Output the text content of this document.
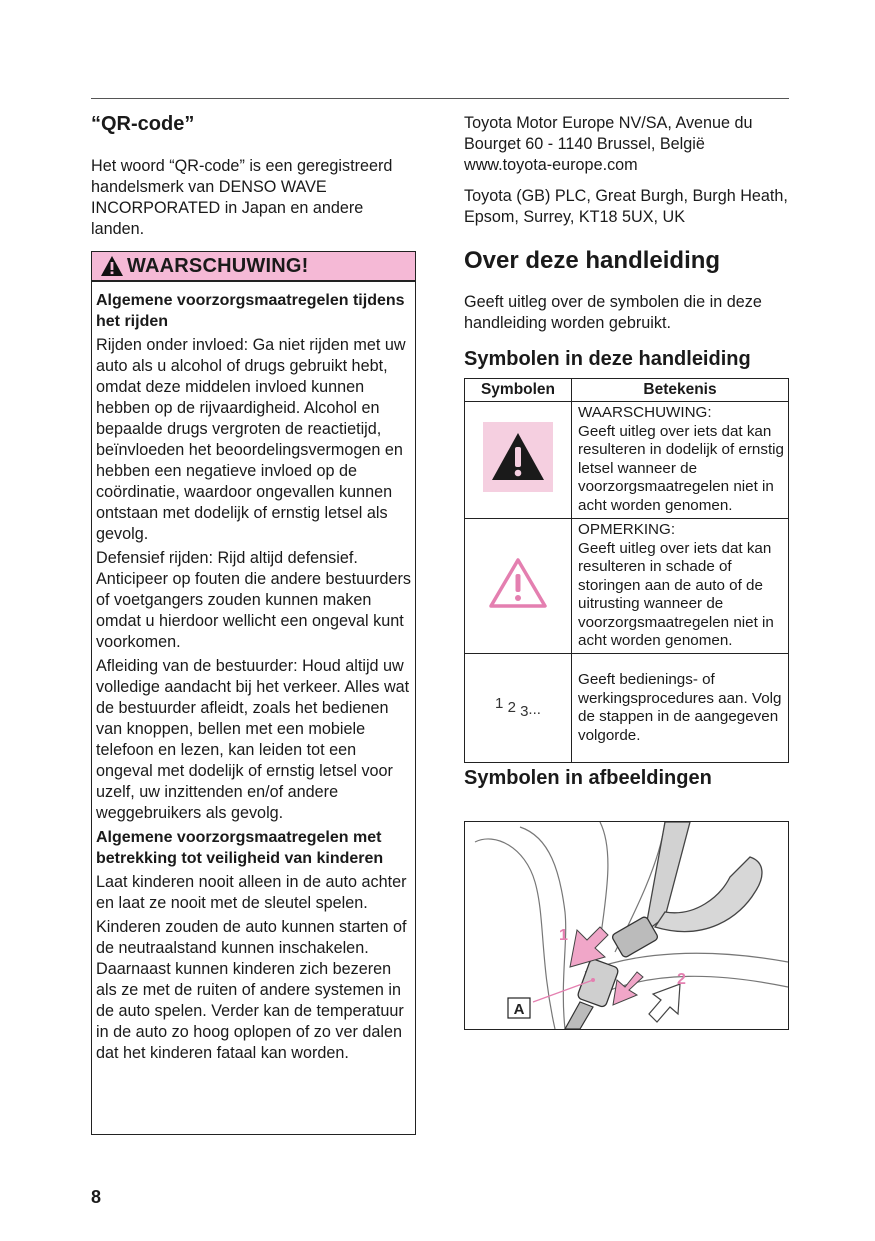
“QR-code”

Het woord “QR-code” is een geregistreerd handelsmerk van DENSO WAVE INCORPORATED in Japan en andere landen.

WAARSCHUWING!
Algemene voorzorgsmaatregelen tijdens het rijden

Rijden onder invloed: Ga niet rijden met uw auto als u alcohol of drugs gebruikt hebt, omdat deze middelen invloed kunnen hebben op de rijvaardigheid. Alcohol en bepaalde drugs vergroten de reactietijd, beïnvloeden het beoordelingsvermogen en hebben een negatieve invloed op de coördinatie, waardoor ongevallen kunnen ontstaan met dodelijk of ernstig letsel als gevolg.

Defensief rijden: Rijd altijd defensief. Anticipeer op fouten die andere bestuurders of voetgangers zouden kunnen maken omdat u hierdoor wellicht een ongeval kunt voorkomen.

Afleiding van de bestuurder: Houd altijd uw volledige aandacht bij het verkeer. Alles wat de bestuurder afleidt, zoals het bedienen van knoppen, bellen met een mobiele telefoon en lezen, kan leiden tot een ongeval met dodelijk of ernstig letsel voor uzelf, uw inzittenden en/of andere weggebruikers als gevolg.

Algemene voorzorgsmaatregelen met betrekking tot veiligheid van kinderen

Laat kinderen nooit alleen in de auto achter en laat ze nooit met de sleutel spelen.

Kinderen zouden de auto kunnen starten of de neutraalstand kunnen inschakelen. Daarnaast kunnen kinderen zich bezeren als ze met de ruiten of andere systemen in de auto spelen. Verder kan de temperatuur in de auto zo hoog oplopen of zo ver dalen dat het kinderen fataal kan worden.

Toyota Motor Europe NV/SA, Avenue du Bourget 60 - 1140 Brussel, België www.toyota-europe.com

Toyota (GB) PLC, Great Burgh, Burgh Heath, Epsom, Surrey, KT18 5UX, UK

Over deze handleiding

Geeft uitleg over de symbolen die in deze handleiding worden gebruikt.

Symbolen in deze handleiding
Symbolen	Betekenis

WAARSCHUWING:
Geeft uitleg over iets dat kan resulteren in dodelijk of ernstig letsel wanneer de voorzorgsmaatregelen niet in acht worden genomen.

OPMERKING:
Geeft uitleg over iets dat kan resulteren in schade of storingen aan de auto of de uitrusting wanneer de voorzorgsmaatregelen niet in acht worden genomen.

1 2 3...	Geeft bedienings- of werkingsprocedures aan. Volg de stappen in de aangegeven volgorde.
Symbolen in afbeeldingen
A
1
2
8
